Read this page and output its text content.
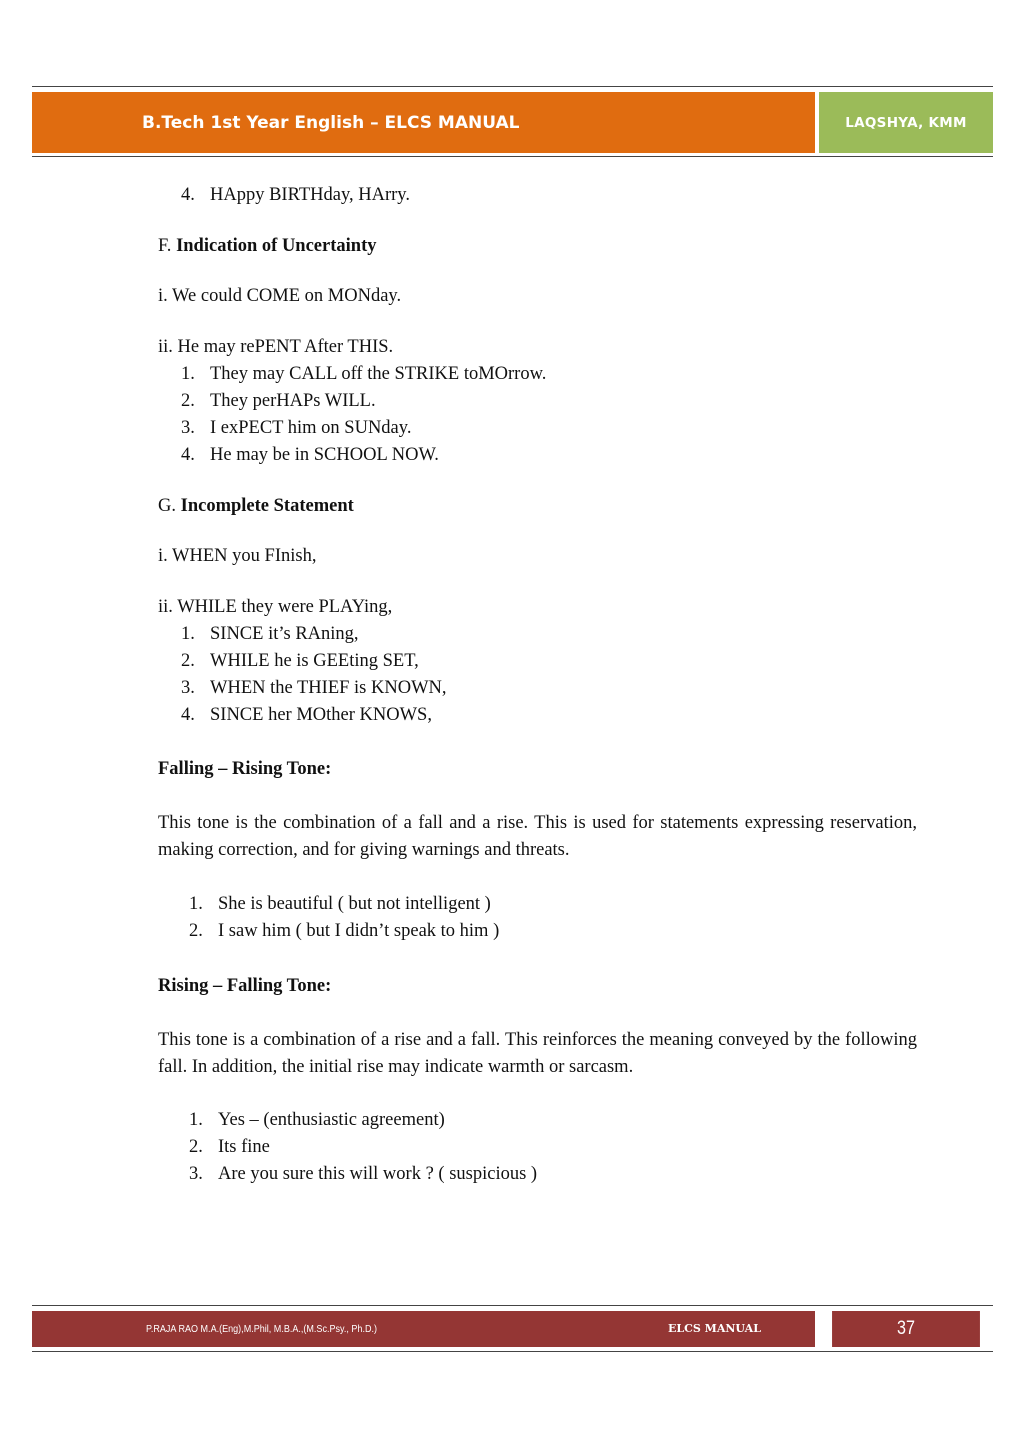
B.Tech 1st Year English – ELCS MANUAL	LAQSHYA, KMM
4. HAppy BIRTHday, HArry.
F. Indication of Uncertainty
i. We could COME on MONday.
ii. He may rePENT After THIS.
1. They may CALL off the STRIKE toMOrrow.
2. They perHAPs WILL.
3. I exPECT him on SUNday.
4. He may be in SCHOOL NOW.
G. Incomplete Statement
i. WHEN you FInish,
ii. WHILE they were PLAYing,
1. SINCE it’s RAning,
2. WHILE he is GEEting SET,
3. WHEN the THIEF is KNOWN,
4. SINCE her MOther KNOWS,
Falling – Rising Tone:
This tone is the combination of a fall and a rise. This is used for statements expressing reservation, making correction, and for giving warnings and threats.
1. She is beautiful ( but not intelligent )
2. I saw him ( but I didn’t speak to him )
Rising – Falling Tone:
This tone is a combination of a rise and a fall. This reinforces the meaning conveyed by the following fall. In addition, the initial rise may indicate warmth or sarcasm.
1. Yes – (enthusiastic agreement)
2. Its fine
3. Are you sure this will work ? ( suspicious )
P.RAJA RAO M.A.(Eng),M.Phil, M.B.A.,(M.Sc.Psy., Ph.D.)	ELCS MANUAL	37
